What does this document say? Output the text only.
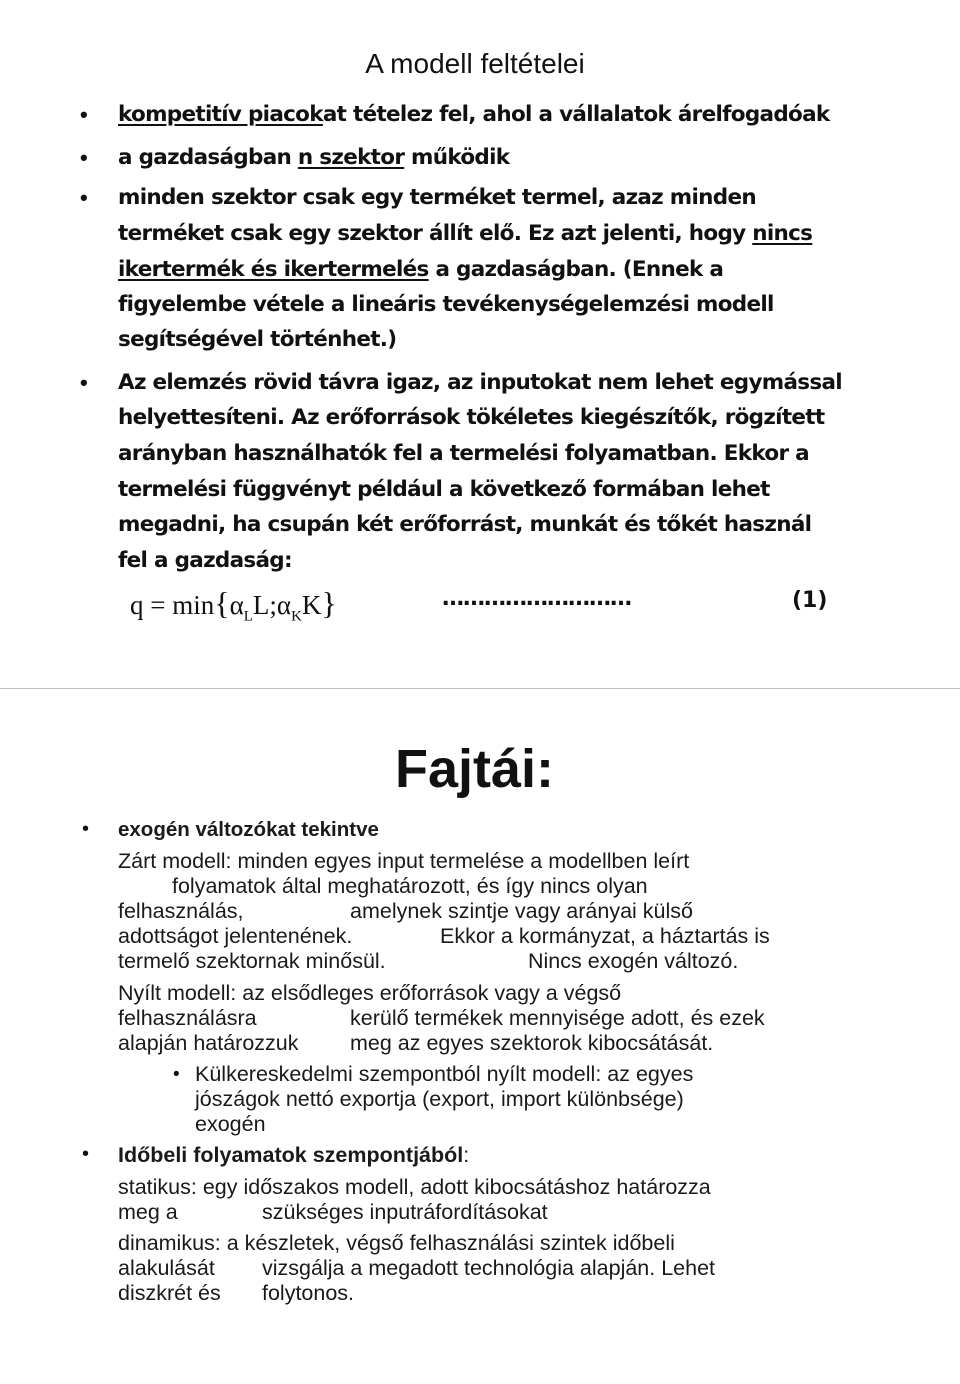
A modell feltételei
• kompetitív piacokat tételez fel, ahol a vállalatok árelfogadóak
• a gazdaságban n szektor működik
• minden szektor csak egy terméket termel, azaz minden
terméket csak egy szektor állít elő. Ez azt jelenti, hogy nincs
ikertermék és ikertermelés a gazdaságban. (Ennek a
figyelembe vétele a lineáris tevékenységelemzési modell
segítségével történhet.)
• Az elemzés rövid távra igaz, az inputokat nem lehet egymással
helyettesíteni. Az erőforrások tökéletes kiegészítők, rögzített
arányban használhatók fel a termelési folyamatban. Ekkor a
termelési függvényt például a következő formában lehet
megadni, ha csupán két erőforrást, munkát és tőkét használ
fel a gazdaság:
$q = \min\{\alpha_LL;\alpha_KK\}$	………………………	(1)
Fajtái:
• exogén változókat tekintve
Zárt modell: minden egyes input termelése a modellben leírt
folyamatok által meghatározott, és így nincs olyan
felhasználás,	amelynek szintje vagy arányai külső
adottságot jelentenének.	Ekkor a kormányzat, a háztartás is
termelő szektornak minősül.	Nincs exogén változó.
Nyílt modell: az elsődleges erőforrások vagy a végső
felhasználásra	kerülő termékek mennyisége adott, és ezek
alapján határozzuk meg az egyes szektorok kibocsátását.
• Külkereskedelmi szempontból nyílt modell: az egyes
jószágok nettó exportja (export, import különbsége)
exogén
• Időbeli folyamatok szempontjából:
statikus: egy időszakos modell, adott kibocsátáshoz határozza
meg a	szükséges inputráfordításokat
dinamikus: a készletek, végső felhasználási szintek időbeli
alakulását vizsgálja a megadott technológia alapján. Lehet
diszkrét és folytonos.
